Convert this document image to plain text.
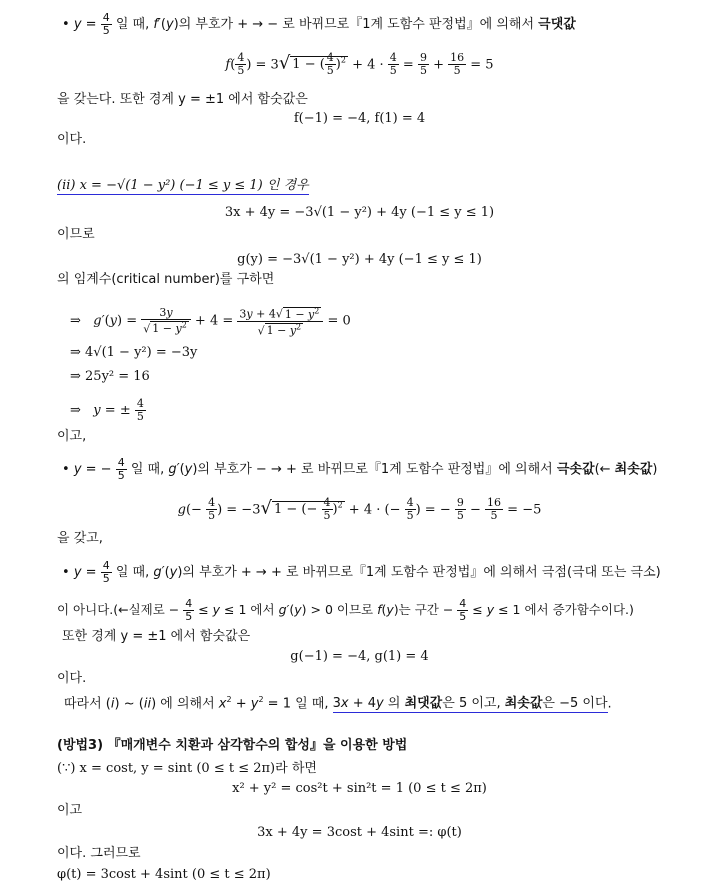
• $y = \frac{4}{5}$ 일 때, f′(y)의 부호가 + → − 로 바뀌므로『1계 도함수 판정법』에 의해서 극댓값
$f( \frac{4}{5}$ ) = 3√ 1 − ( $\frac{4}{5} )^2 + 4 \cdot \frac{4}{5} = \frac{9}{5} + \frac{16}{5} = 5$
을 갖는다. 또한 경계 y = ±1 에서 함숫값은
f(−1) = −4, f(1) = 4
이다.
(ii) x = −√(1 − y²) (−1 ≤ y ≤ 1) 인 경우
3x + 4y = −3√(1 − y²) + 4y (−1 ≤ y ≤ 1)
이므로
g(y) = −3√(1 − y²) + 4y (−1 ≤ y ≤ 1)
의 임계수(critical number)를 구하면
⇒   $g'(y) = \frac{3y}{√ 1 - y^2} + 4 = \frac{3y + 4√ 1 - y^2}{√ 1 - y^2} = 0$
⇒ 4√(1 − y²) = −3y
⇒ 25y² = 16
⇒   y = ± $\frac{4}{5}$
이고,
• y = − $\frac{4}{5}$ 일 때, g′(y)의 부호가 − → + 로 바뀌므로『1계 도함수 판정법』에 의해서 극솟값(← 최솟값)
$g(- \frac{4}{5}$ ) = −3√ 1 − (− $\frac{4}{5} )^2 + 4$ · (− $\frac{4}{5}$ ) = − $\frac{9}{5} - \frac{16}{5} = -5$
을 갖고,
• $y = \frac{4}{5}$ 일 때, g′(y)의 부호가 + → + 로 바뀌므로『1계 도함수 판정법』에 의해서 극점(극대 또는 극소)
이 아니다.(←실제로 − $\frac{4}{5} \le y \le 1$ 에서 g′(y) > 0 이므로 f(y)는 구간 − $\frac{4}{5} \le y \le 1$ 에서 증가함수이다.)
또한 경계 y = ±1 에서 함숫값은
g(−1) = −4, g(1) = 4
이다.
따라서 (i) ~ (ii) 에 의해서 $x^2 + y^2 = 1$ 일 때, 3x + 4y 의 최댓값은 5 이고, 최솟값은 −5 이다.
(방법3) 『매개변수 치환과 삼각함수의 합성』을 이용한 방법
(∵) x = cost, y = sint (0 ≤ t ≤ 2π)라 하면
x² + y² = cos²t + sin²t = 1 (0 ≤ t ≤ 2π)
이고
3x + 4y = 3cost + 4sint =: φ(t)
이다. 그러므로
φ(t) = 3cost + 4sint (0 ≤ t ≤ 2π)
